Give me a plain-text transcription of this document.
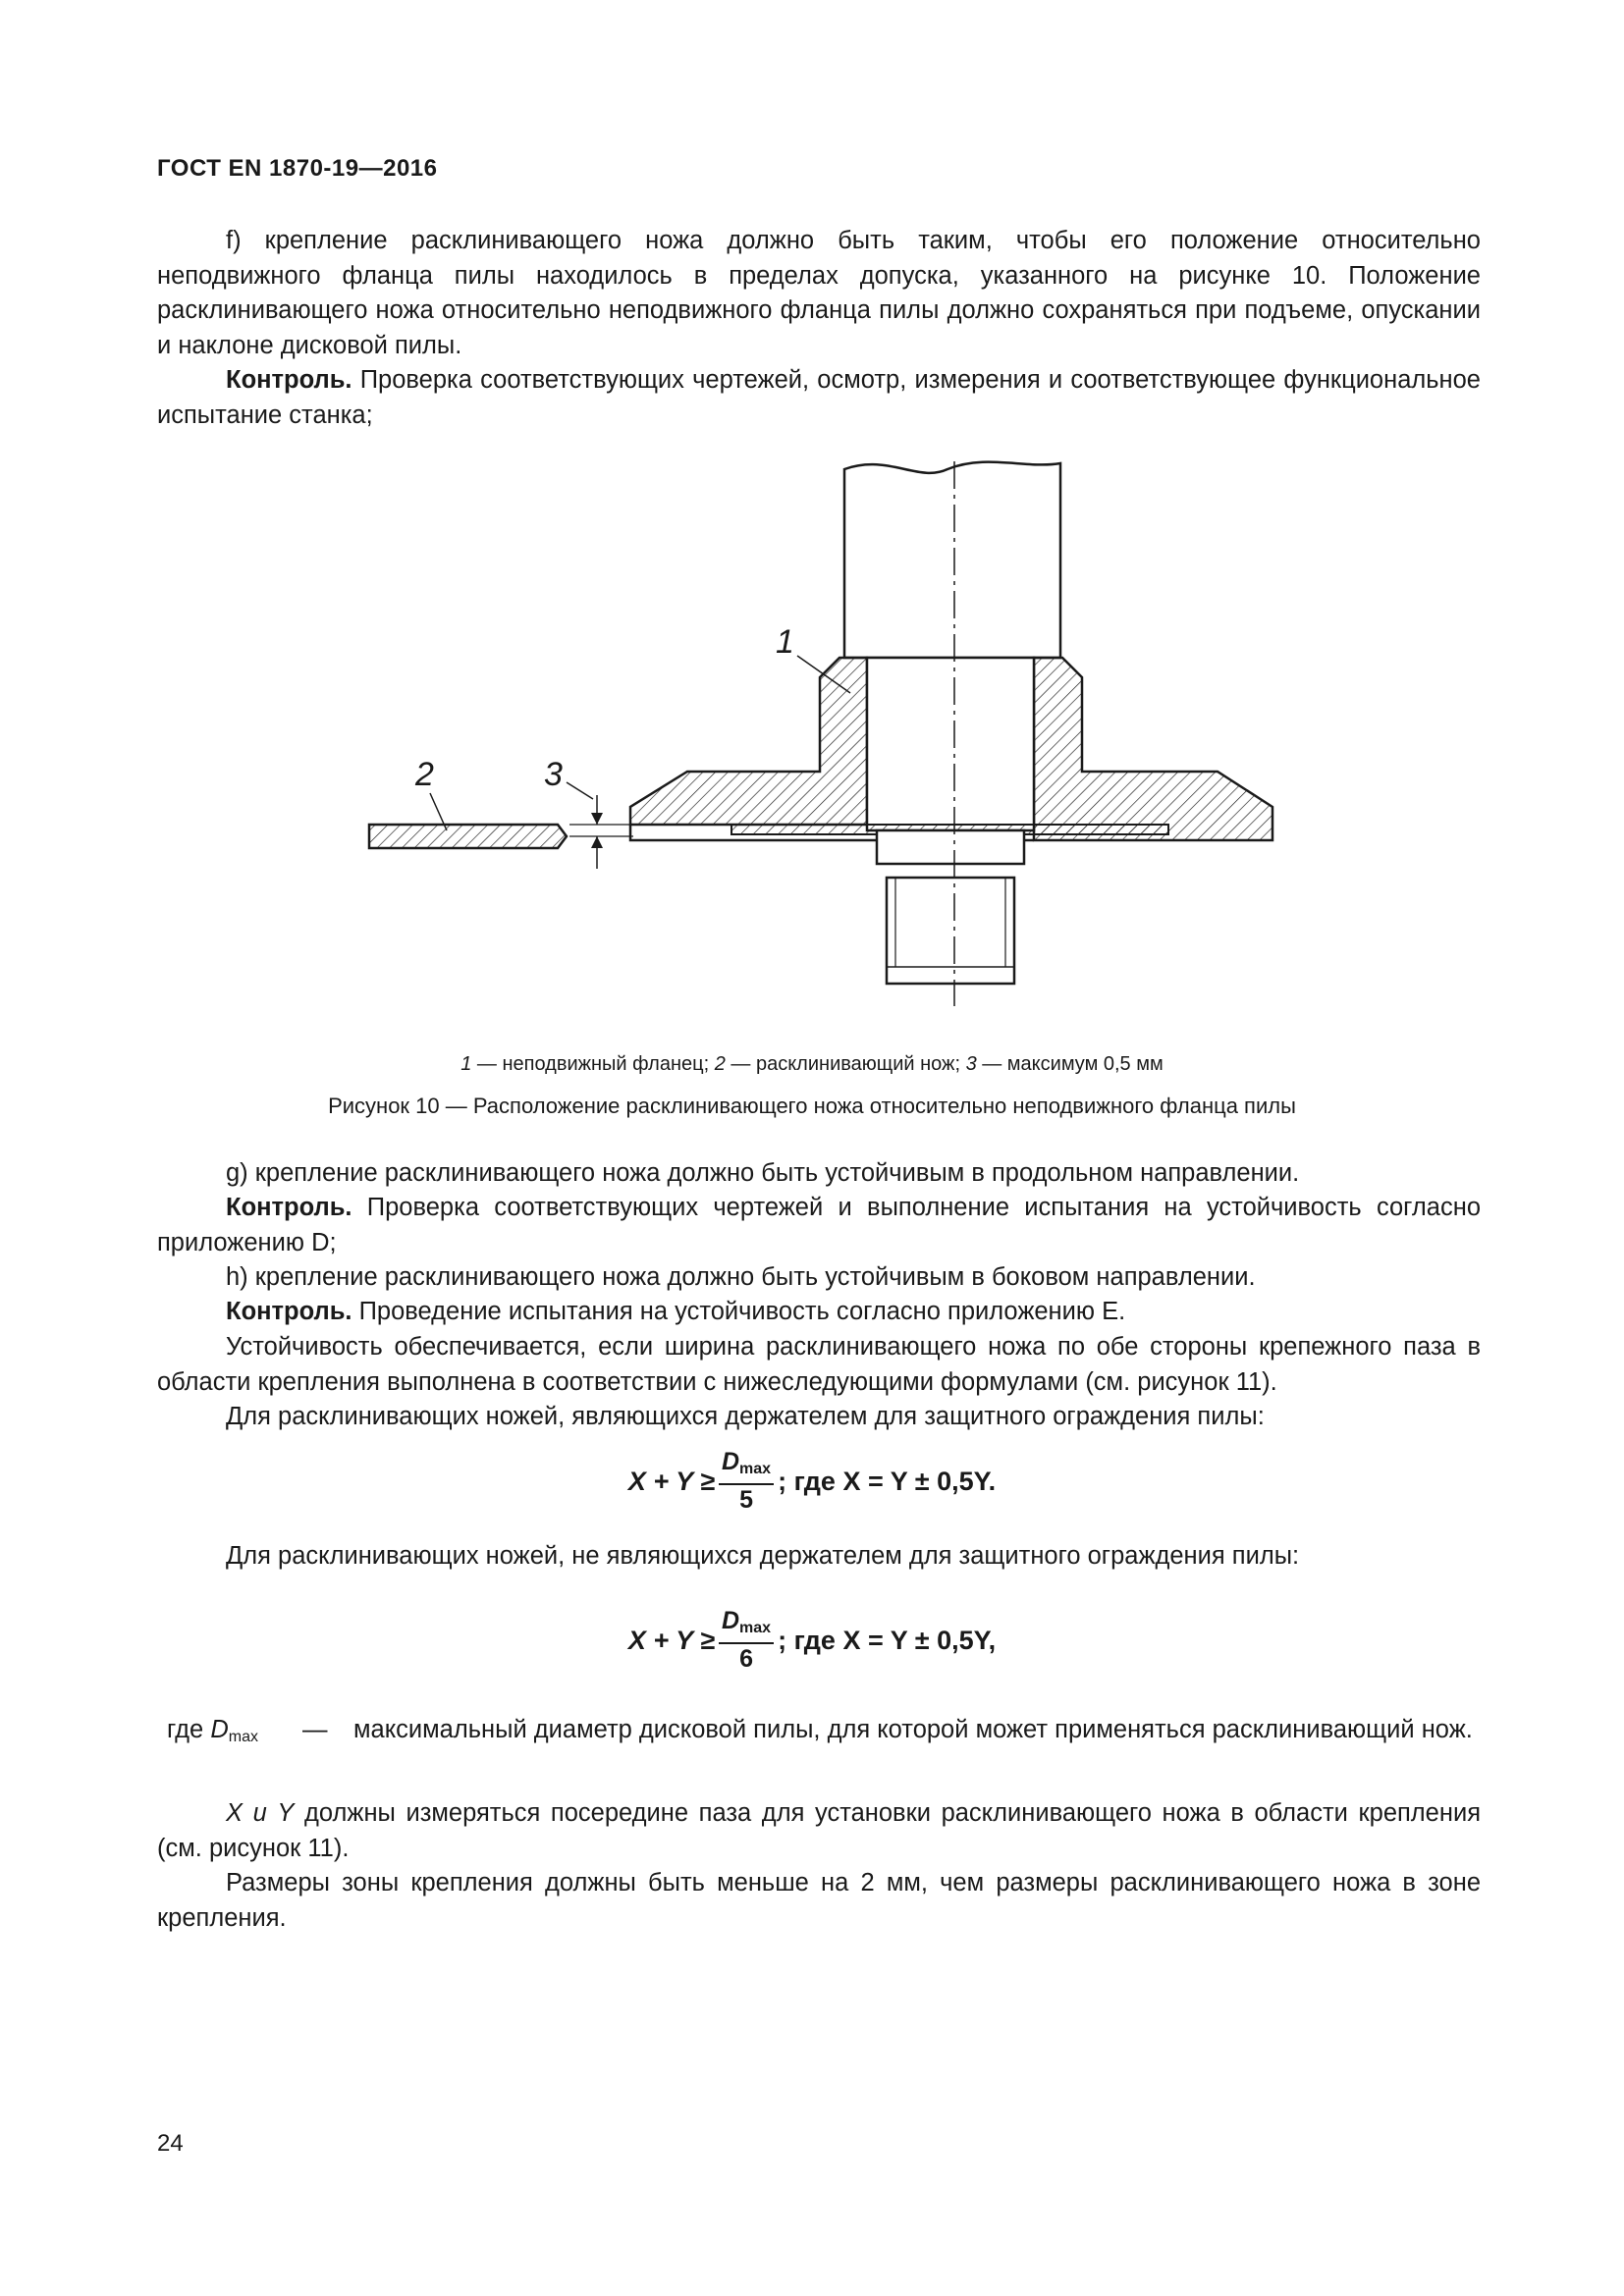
ГОСТ EN 1870-19—2016
f) крепление расклинивающего ножа должно быть таким, чтобы его положение относительно неподвижного фланца пилы находилось в пределах допуска, указанного на рисунке 10. Положение расклинивающего ножа относительно неподвижного фланца пилы должно сохраняться при подъеме, опускании и наклоне дисковой пилы.
Контроль. Проверка соответствующих чертежей, осмотр, измерения и соответствующее функциональное испытание станка;
1
2	3
1 — неподвижный фланец; 2 — расклинивающий нож; 3 — максимум 0,5 мм
Рисунок 10 — Расположение расклинивающего ножа относительно неподвижного фланца пилы
g) крепление расклинивающего ножа должно быть устойчивым в продольном направлении.
Контроль. Проверка соответствующих чертежей и выполнение испытания на устойчивость согласно приложению D;
h) крепление расклинивающего ножа должно быть устойчивым в боковом направлении.
Контроль. Проведение испытания на устойчивость согласно приложению E.
Устойчивость обеспечивается, если ширина расклинивающего ножа по обе стороны крепежного паза в области крепления выполнена в соответствии с нижеследующими формулами (см. рисунок 11).
Для расклинивающих ножей, являющихся держателем для защитного ограждения пилы:
$X + Y \ge \frac{D_{max}}{5}$ ; где X = Y ± 0,5Y.
Для расклинивающих ножей, не являющихся держателем для защитного ограждения пилы:
$X + Y \ge \frac{D_{max}}{6}$ ; где X = Y ± 0,5Y,
где $D_{max}$ — максимальный диаметр дисковой пилы, для которой может применяться расклинивающий нож.
X и Y должны измеряться посередине паза для установки расклинивающего ножа в области крепления (см. рисунок 11).
Размеры зоны крепления должны быть меньше на 2 мм, чем размеры расклинивающего ножа в зоне крепления.
24
